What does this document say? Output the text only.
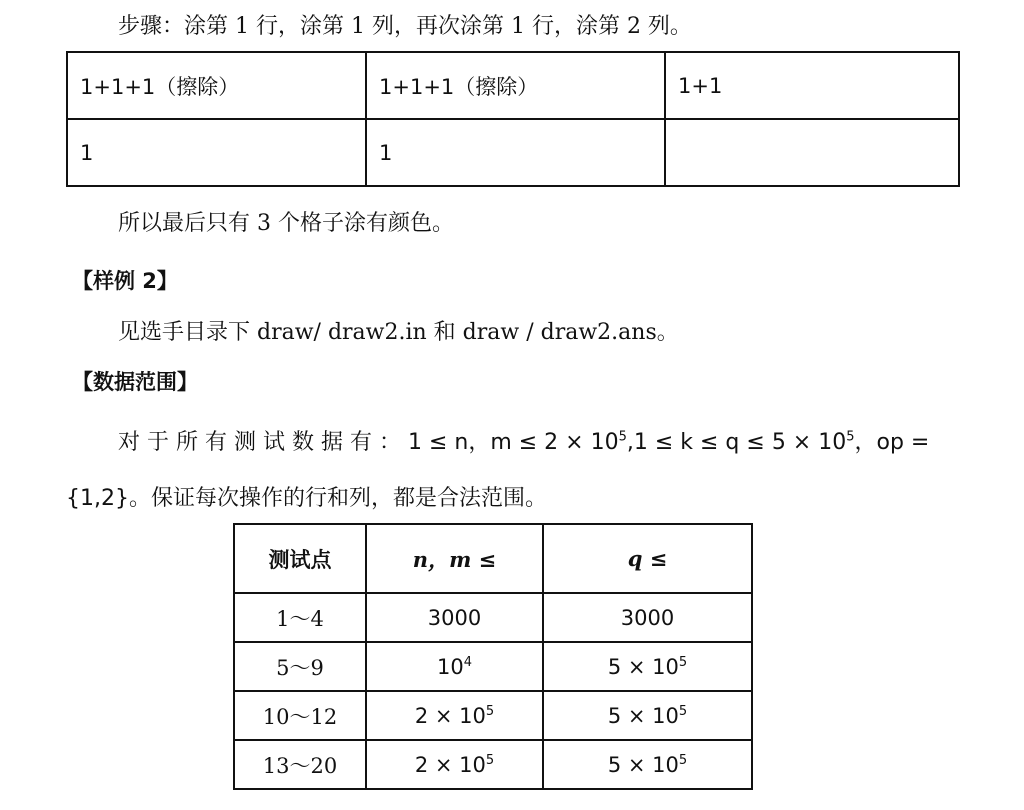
步骤：涂第 1 行，涂第 1 列，再次涂第 1 行，涂第 2 列。
1+1+1（擦除）	1+1+1（擦除）	1+1
1	1	
所以最后只有 3 个格子涂有颜色。
【样例 2】
见选手目录下 draw/ draw2.in 和 draw / draw2.ans。
【数据范围】
对 于 所 有 测 试 数 据 有 ： 1 ≤ n，$m \le 2 \times 10^5,1 \le k \le q \le 5 \times 10^5$，op =
{1,2}。保证每次操作的行和列，都是合法范围。
测试点	n，m ≤	q ≤
1～4	3000	3000
5～9	$10^4$	$5 \times 10^5$
10～12	$2 \times 10^5$	$5 \times 10^5$
13～20	$2 \times 10^5$	$5 \times 10^5$
